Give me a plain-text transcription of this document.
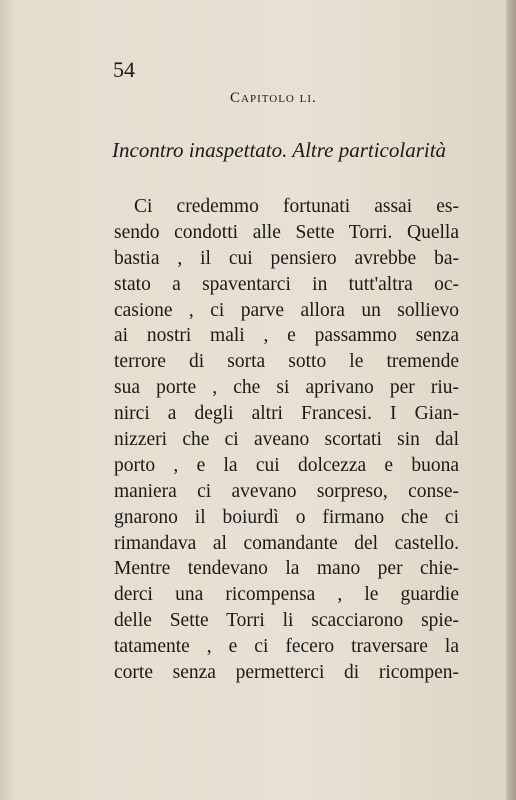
54
Capitolo li.
Incontro inaspettato. Altre particolarità
Ci credemmo fortunati assai es-
sendo condotti alle Sette Torri. Quella
bastia , il cui pensiero avrebbe ba-
stato a spaventarci in tutt'altra oc-
casione , ci parve allora un sollievo
ai nostri mali , e passammo senza
terrore di sorta sotto le tremende
sua porte , che si aprivano per riu-
nirci a degli altri Francesi. I Gian-
nizzeri che ci aveano scortati sin dal
porto , e la cui dolcezza e buona
maniera ci avevano sorpreso, conse-
gnarono il boiurdì o firmano che ci
rimandava al comandante del castello.
Mentre tendevano la mano per chie-
derci una ricompensa , le guardie
delle Sette Torri li scacciarono spie-
tatamente , e ci fecero traversare la
corte senza permetterci di ricompen-
